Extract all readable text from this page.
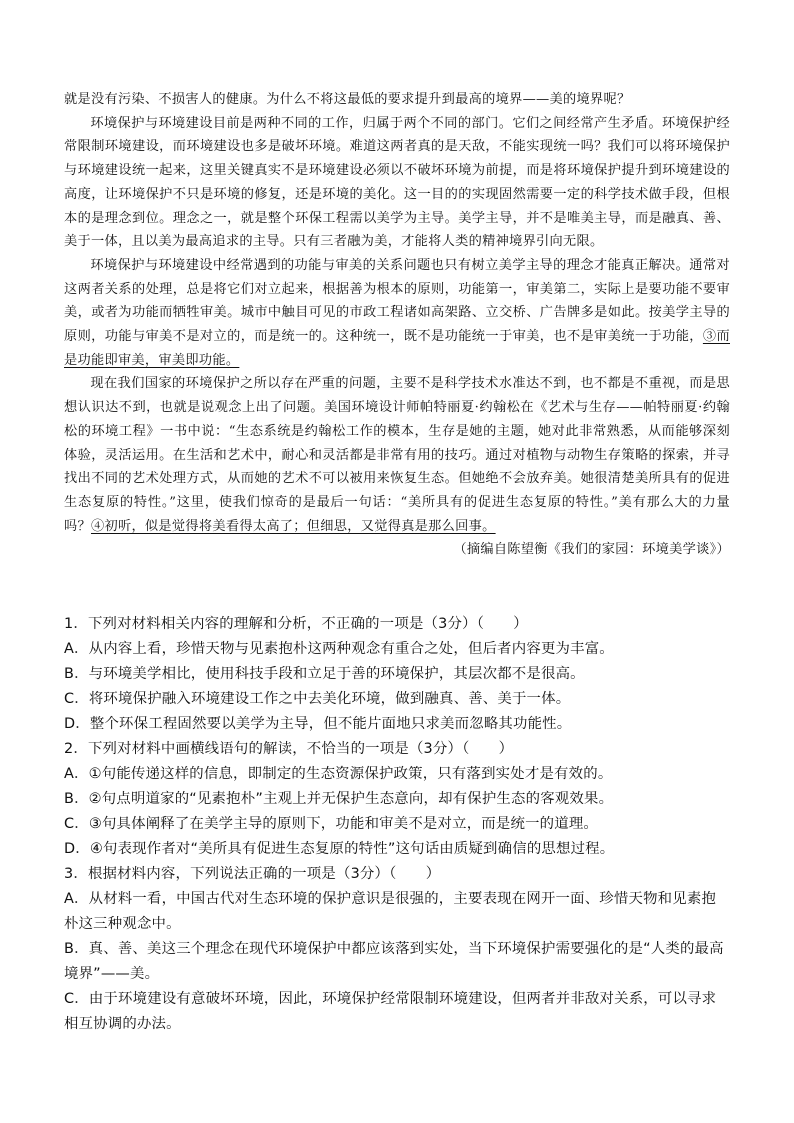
就是没有污染、不损害人的健康。为什么不将这最低的要求提升到最高的境界——美的境界呢？

环境保护与环境建设目前是两种不同的工作，归属于两个不同的部门。它们之间经常产生矛盾。环境保护经常限制环境建设，而环境建设也多是破坏环境。难道这两者真的是天敌，不能实现统一吗？我们可以将环境保护与环境建设统一起来，这里关键真实不是环境建设必须以不破坏环境为前提，而是将环境保护提升到环境建设的高度，让环境保护不只是环境的修复，还是环境的美化。这一目的的实现固然需要一定的科学技术做手段，但根本的是理念到位。理念之一，就是整个环保工程需以美学为主导。美学主导，并不是唯美主导，而是融真、善、美于一体，且以美为最高追求的主导。只有三者融为美，才能将人类的精神境界引向无限。

环境保护与环境建设中经常遇到的功能与审美的关系问题也只有树立美学主导的理念才能真正解决。通常对这两者关系的处理，总是将它们对立起来，根据善为根本的原则，功能第一，审美第二，实际上是要功能不要审美，或者为功能而牺牲审美。城市中触目可见的市政工程诸如高架路、立交桥、广告牌多是如此。按美学主导的原则，功能与审美不是对立的，而是统一的。这种统一，既不是功能统一于审美，也不是审美统一于功能，③而是功能即审美，审美即功能。

现在我们国家的环境保护之所以存在严重的问题，主要不是科学技术水准达不到，也不都是不重视，而是思想认识达不到，也就是说观念上出了问题。美国环境设计师帕特丽夏·约翰松在《艺术与生存——帕特丽夏·约翰松的环境工程》一书中说：“生态系统是约翰松工作的模本，生存是她的主题，她对此非常熟悉，从而能够深刻体验，灵活运用。在生活和艺术中，耐心和灵活都是非常有用的技巧。通过对植物与动物生存策略的探索，并寻找出不同的艺术处理方式，从而她的艺术不可以被用来恢复生态。但她绝不会放弃美。她很清楚美所具有的促进生态复原的特性。”这里，使我们惊奇的是最后一句话：“美所具有的促进生态复原的特性。”美有那么大的力量吗？④初听，似是觉得将美看得太高了；但细思，又觉得真是那么回事。

（摘编自陈望衡《我们的家园：环境美学谈》）

1．下列对材料相关内容的理解和分析，不正确的一项是（3分）（　　）

A．从内容上看，珍惜天物与见素抱朴这两种观念有重合之处，但后者内容更为丰富。

B．与环境美学相比，使用科技手段和立足于善的环境保护，其层次都不是很高。

C．将环境保护融入环境建设工作之中去美化环境，做到融真、善、美于一体。

D．整个环保工程固然要以美学为主导，但不能片面地只求美而忽略其功能性。

2．下列对材料中画横线语句的解读，不恰当的一项是（3分）（　　）

A．①句能传递这样的信息，即制定的生态资源保护政策，只有落到实处才是有效的。

B．②句点明道家的“见素抱朴”主观上并无保护生态意向，却有保护生态的客观效果。

C．③句具体阐释了在美学主导的原则下，功能和审美不是对立，而是统一的道理。

D．④句表现作者对“美所具有促进生态复原的特性”这句话由质疑到确信的思想过程。

3．根据材料内容，下列说法正确的一项是（3分）（　　）

A．从材料一看，中国古代对生态环境的保护意识是很强的，主要表现在网开一面、珍惜天物和见素抱朴这三种观念中。

B．真、善、美这三个理念在现代环境保护中都应该落到实处，当下环境保护需要强化的是“人类的最高境界”——美。

C．由于环境建设有意破坏环境，因此，环境保护经常限制环境建设，但两者并非敌对关系，可以寻求相互协调的办法。
